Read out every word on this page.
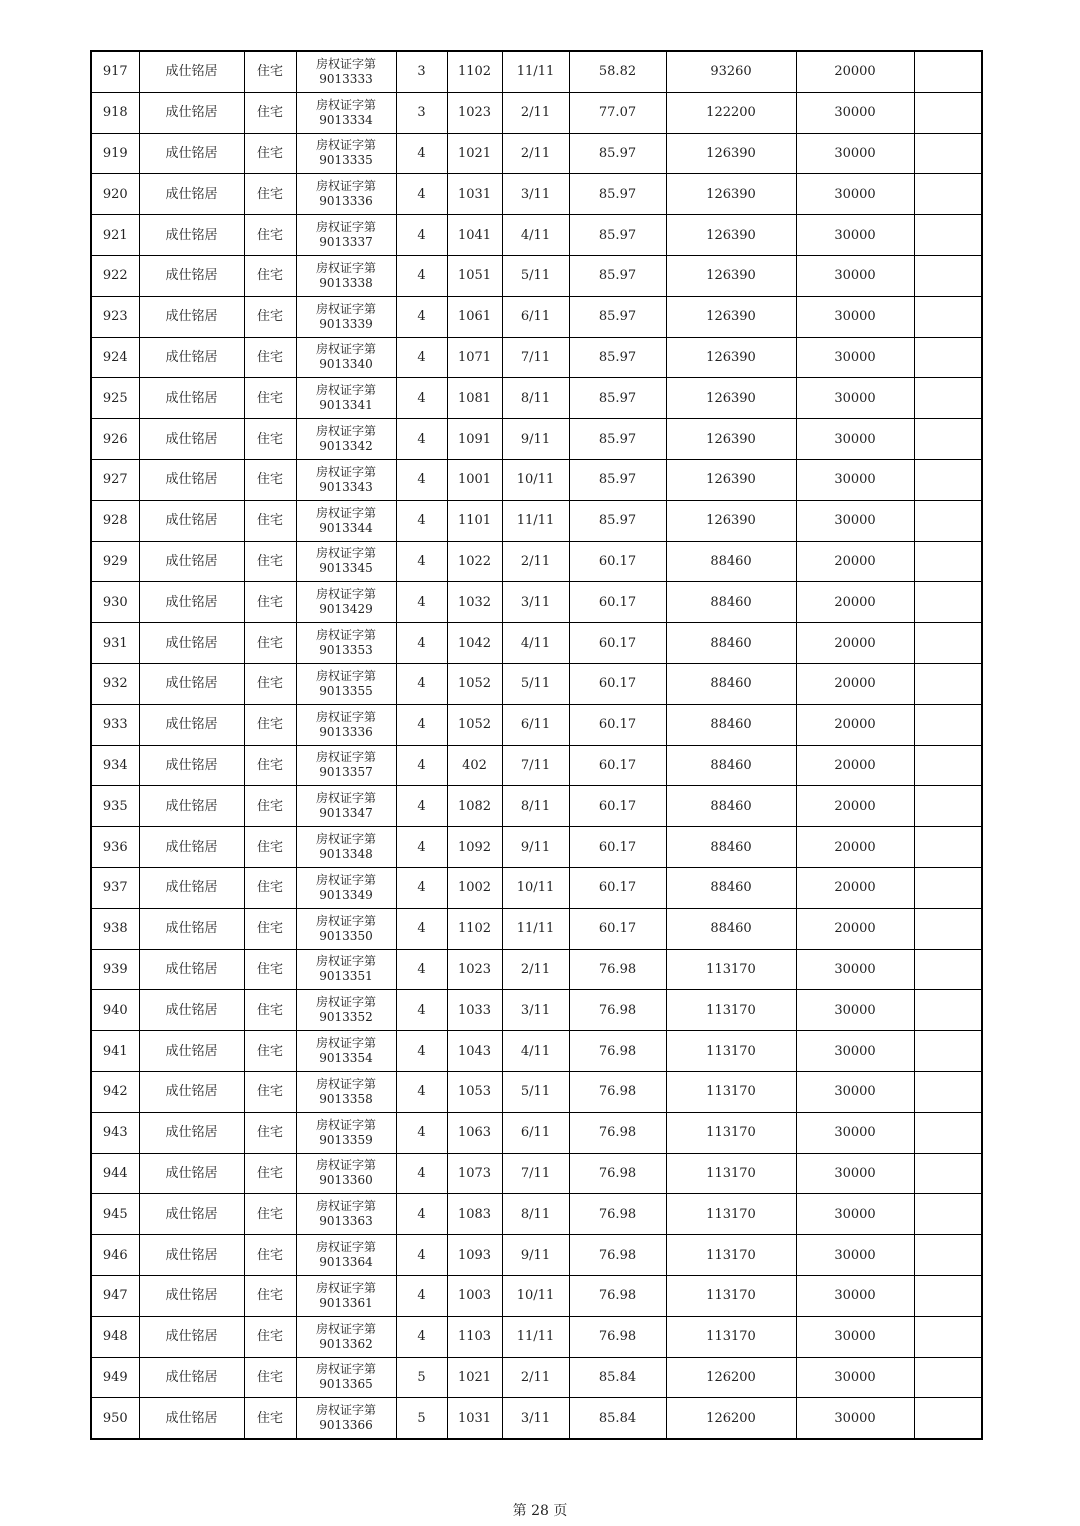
917	成仕铭居	住宅	房权证字第
9013333	3	1102	11/11	58.82	93260	20000	
918	成仕铭居	住宅	房权证字第
9013334	3	1023	2/11	77.07	122200	30000	
919	成仕铭居	住宅	房权证字第
9013335	4	1021	2/11	85.97	126390	30000	
920	成仕铭居	住宅	房权证字第
9013336	4	1031	3/11	85.97	126390	30000	
921	成仕铭居	住宅	房权证字第
9013337	4	1041	4/11	85.97	126390	30000	
922	成仕铭居	住宅	房权证字第
9013338	4	1051	5/11	85.97	126390	30000	
923	成仕铭居	住宅	房权证字第
9013339	4	1061	6/11	85.97	126390	30000	
924	成仕铭居	住宅	房权证字第
9013340	4	1071	7/11	85.97	126390	30000	
925	成仕铭居	住宅	房权证字第
9013341	4	1081	8/11	85.97	126390	30000	
926	成仕铭居	住宅	房权证字第
9013342	4	1091	9/11	85.97	126390	30000	
927	成仕铭居	住宅	房权证字第
9013343	4	1001	10/11	85.97	126390	30000	
928	成仕铭居	住宅	房权证字第
9013344	4	1101	11/11	85.97	126390	30000	
929	成仕铭居	住宅	房权证字第
9013345	4	1022	2/11	60.17	88460	20000	
930	成仕铭居	住宅	房权证字第
9013429	4	1032	3/11	60.17	88460	20000	
931	成仕铭居	住宅	房权证字第
9013353	4	1042	4/11	60.17	88460	20000	
932	成仕铭居	住宅	房权证字第
9013355	4	1052	5/11	60.17	88460	20000	
933	成仕铭居	住宅	房权证字第
9013336	4	1052	6/11	60.17	88460	20000	
934	成仕铭居	住宅	房权证字第
9013357	4	402	7/11	60.17	88460	20000	
935	成仕铭居	住宅	房权证字第
9013347	4	1082	8/11	60.17	88460	20000	
936	成仕铭居	住宅	房权证字第
9013348	4	1092	9/11	60.17	88460	20000	
937	成仕铭居	住宅	房权证字第
9013349	4	1002	10/11	60.17	88460	20000	
938	成仕铭居	住宅	房权证字第
9013350	4	1102	11/11	60.17	88460	20000	
939	成仕铭居	住宅	房权证字第
9013351	4	1023	2/11	76.98	113170	30000	
940	成仕铭居	住宅	房权证字第
9013352	4	1033	3/11	76.98	113170	30000	
941	成仕铭居	住宅	房权证字第
9013354	4	1043	4/11	76.98	113170	30000	
942	成仕铭居	住宅	房权证字第
9013358	4	1053	5/11	76.98	113170	30000	
943	成仕铭居	住宅	房权证字第
9013359	4	1063	6/11	76.98	113170	30000	
944	成仕铭居	住宅	房权证字第
9013360	4	1073	7/11	76.98	113170	30000	
945	成仕铭居	住宅	房权证字第
9013363	4	1083	8/11	76.98	113170	30000	
946	成仕铭居	住宅	房权证字第
9013364	4	1093	9/11	76.98	113170	30000	
947	成仕铭居	住宅	房权证字第
9013361	4	1003	10/11	76.98	113170	30000	
948	成仕铭居	住宅	房权证字第
9013362	4	1103	11/11	76.98	113170	30000	
949	成仕铭居	住宅	房权证字第
9013365	5	1021	2/11	85.84	126200	30000	
950	成仕铭居	住宅	房权证字第
9013366	5	1031	3/11	85.84	126200	30000	
第 28 页
